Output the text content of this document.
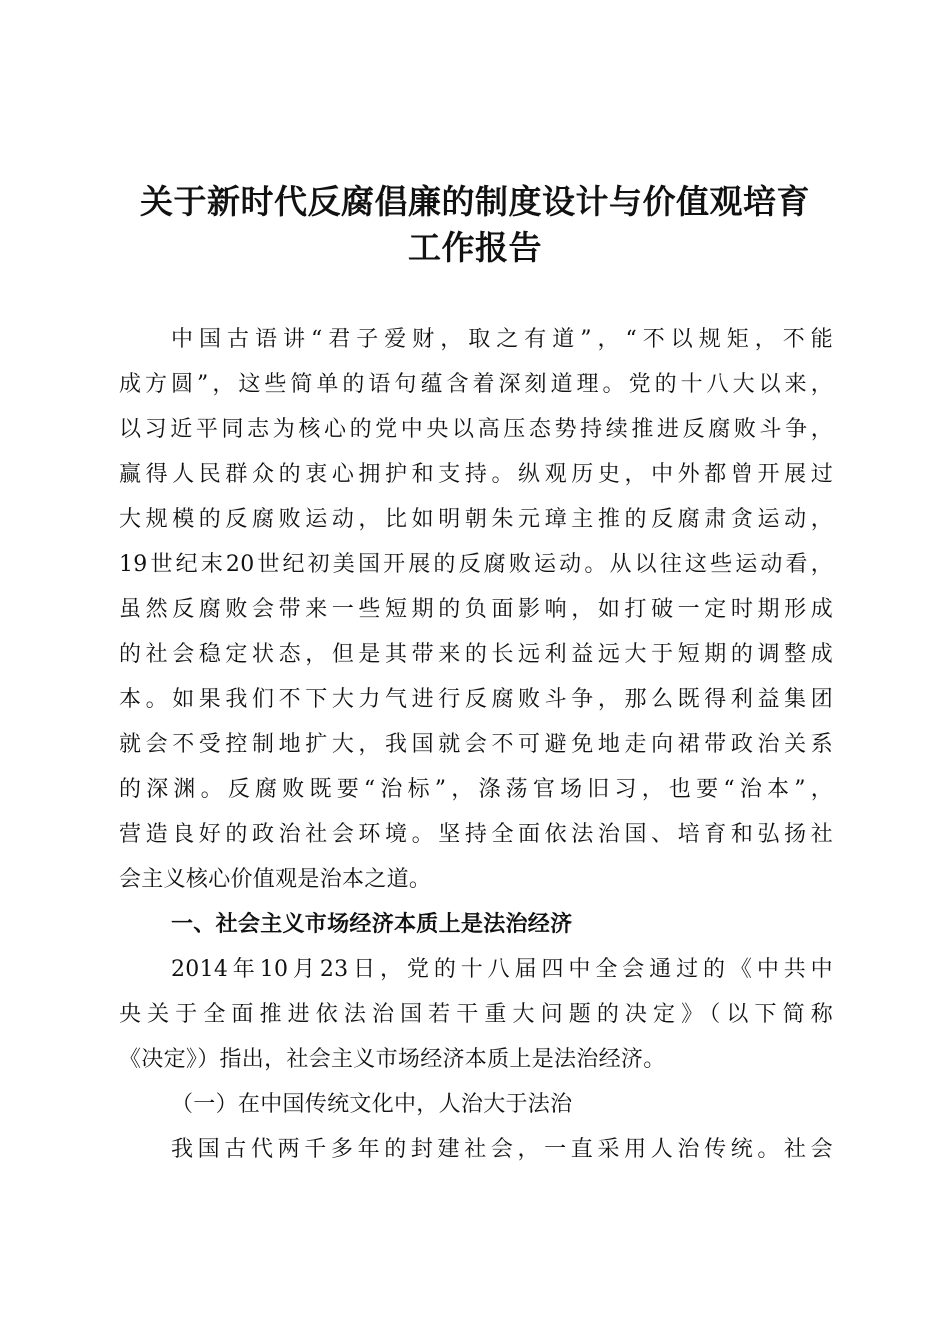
关于新时代反腐倡廉的制度设计与价值观培育
工作报告
中国古语讲“君子爱财，取之有道”，“不以规矩，不能
成方圆”，这些简单的语句蕴含着深刻道理。党的十八大以来，
以习近平同志为核心的党中央以高压态势持续推进反腐败斗争，
赢得人民群众的衷心拥护和支持。纵观历史，中外都曾开展过
大规模的反腐败运动，比如明朝朱元璋主推的反腐肃贪运动，
19世纪末20世纪初美国开展的反腐败运动。从以往这些运动看，
虽然反腐败会带来一些短期的负面影响，如打破一定时期形成
的社会稳定状态，但是其带来的长远利益远大于短期的调整成
本。如果我们不下大力气进行反腐败斗争，那么既得利益集团
就会不受控制地扩大，我国就会不可避免地走向裙带政治关系
的深渊。反腐败既要“治标”，涤荡官场旧习，也要“治本”，
营造良好的政治社会环境。坚持全面依法治国、培育和弘扬社
会主义核心价值观是治本之道。
一、社会主义市场经济本质上是法治经济
2014年10月23日，党的十八届四中全会通过的《中共中
央关于全面推进依法治国若干重大问题的决定》（以下简称
《决定》）指出，社会主义市场经济本质上是法治经济。
（一）在中国传统文化中，人治大于法治
我国古代两千多年的封建社会，一直采用人治传统。社会
